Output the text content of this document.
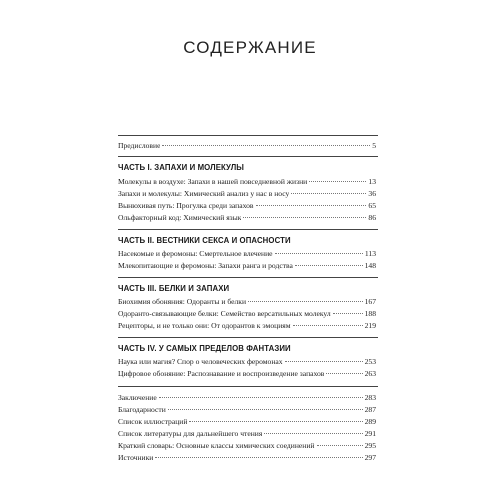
СОДЕРЖАНИЕ
Предисловие	5
ЧАСТЬ I. ЗАПАХИ И МОЛЕКУЛЫ
Молекулы в воздухе: Запахи в нашей повседневной жизни	13
Запахи и молекулы: Химический анализ у нас в носу	36
Вынюхивая путь: Прогулка среди запахов	65
Ольфакторный код: Химический язык	86
ЧАСТЬ II. ВЕСТНИКИ СЕКСА И ОПАСНОСТИ
Насекомые и феромоны: Смертельное влечение	113
Млекопитающие и феромоны: Запахи ранга и родства	148
ЧАСТЬ III. БЕЛКИ И ЗАПАХИ
Биохимия обоняния: Одоранты и белки	167
Одоранто-связывающие белки: Семейство версатильных молекул	188
Рецепторы, и не только они: От одорантов к эмоциям	219
ЧАСТЬ IV. У САМЫХ ПРЕДЕЛОВ ФАНТАЗИИ
Наука или магия? Спор о человеческих феромонах	253
Цифровое обоняние: Распознавание и воспроизведение запахов	263
Заключение	283
Благодарности	287
Список иллюстраций	289
Список литературы для дальнейшего чтения	291
Краткий словарь: Основные классы химических соединений	295
Источники	297
